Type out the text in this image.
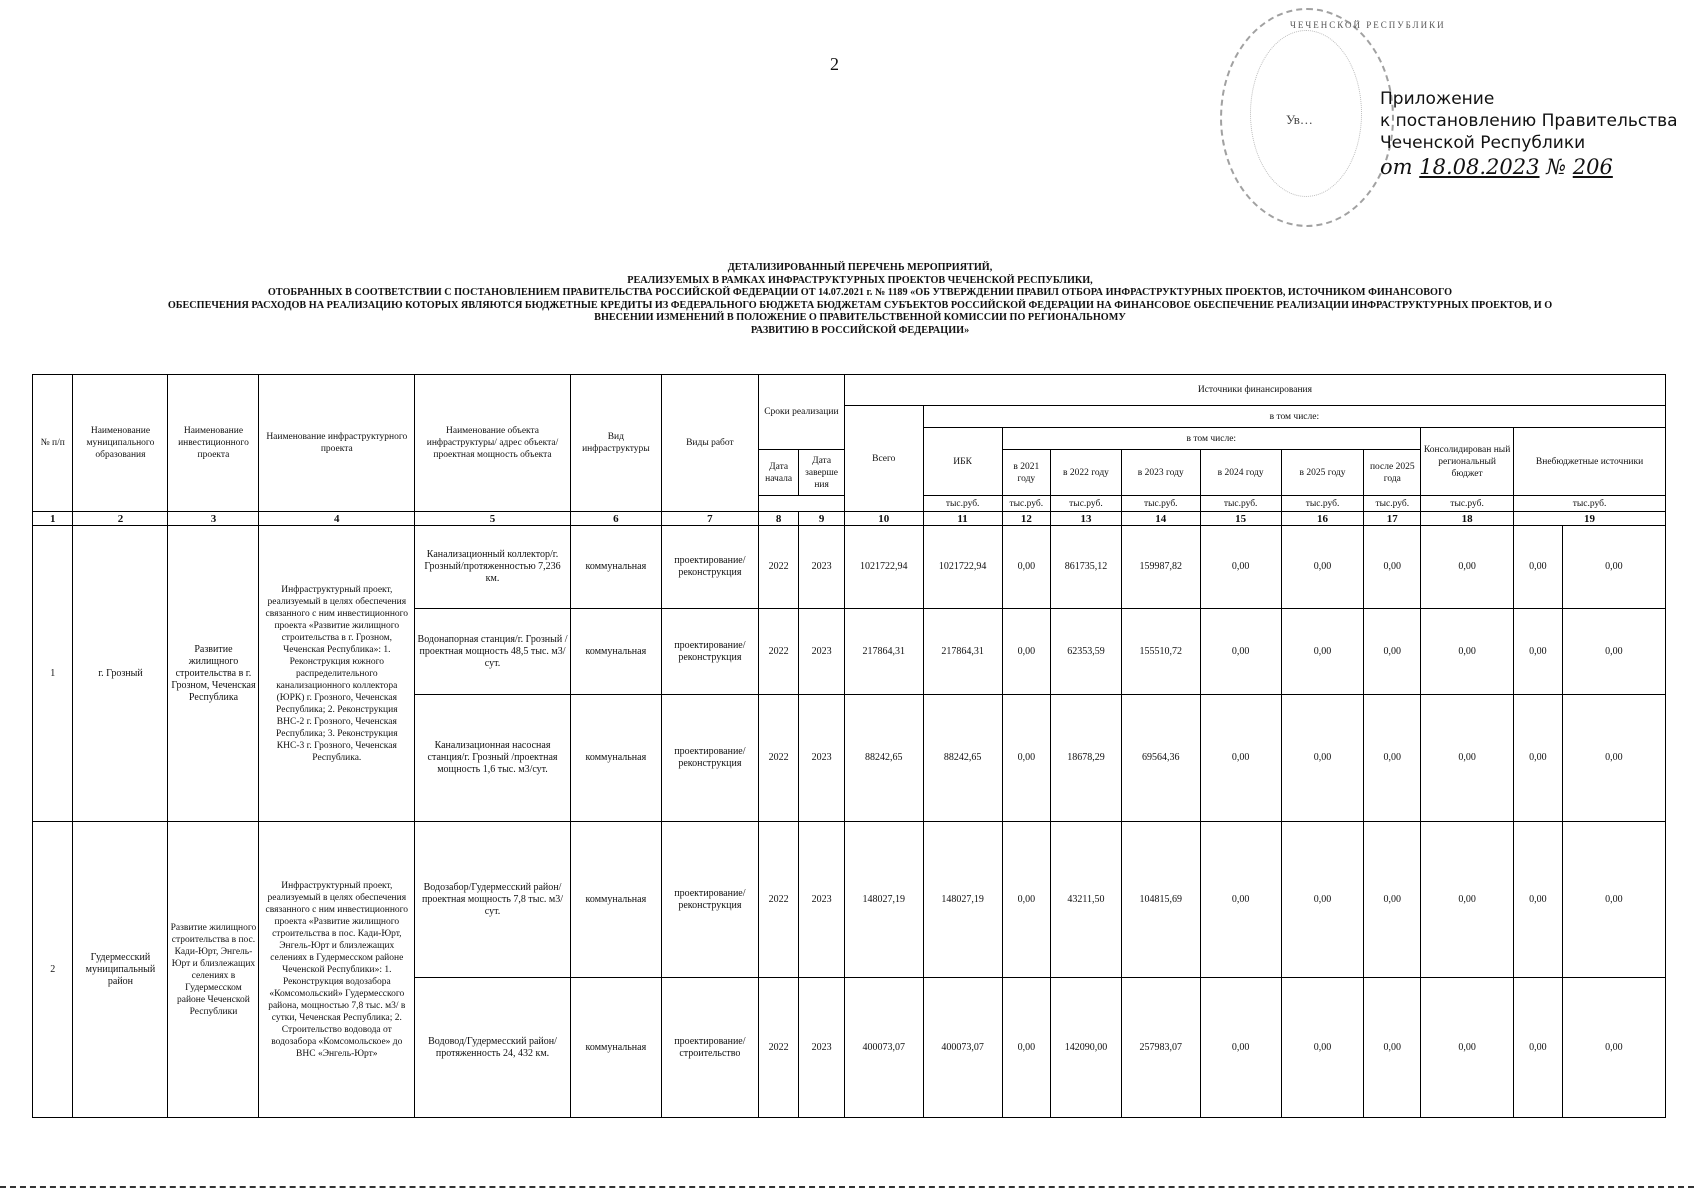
2
ЧЕЧЕНСКОЙ РЕСПУБЛИКИ
Ув…
Приложение
к постановлению Правительства
Чеченской Республики
от 18.08.2023 № 206
ДЕТАЛИЗИРОВАННЫЙ ПЕРЕЧЕНЬ МЕРОПРИЯТИЙ,
РЕАЛИЗУЕМЫХ В РАМКАХ ИНФРАСТРУКТУРНЫХ ПРОЕКТОВ ЧЕЧЕНСКОЙ РЕСПУБЛИКИ,
ОТОБРАННЫХ В СООТВЕТСТВИИ С ПОСТАНОВЛЕНИЕМ ПРАВИТЕЛЬСТВА РОССИЙСКОЙ ФЕДЕРАЦИИ ОТ 14.07.2021 г. № 1189 «ОБ УТВЕРЖДЕНИИ ПРАВИЛ ОТБОРА ИНФРАСТРУКТУРНЫХ ПРОЕКТОВ, ИСТОЧНИКОМ ФИНАНСОВОГО
ОБЕСПЕЧЕНИЯ РАСХОДОВ НА РЕАЛИЗАЦИЮ КОТОРЫХ ЯВЛЯЮТСЯ БЮДЖЕТНЫЕ КРЕДИТЫ ИЗ ФЕДЕРАЛЬНОГО БЮДЖЕТА БЮДЖЕТАМ СУБЪЕКТОВ РОССИЙСКОЙ ФЕДЕРАЦИИ НА ФИНАНСОВОЕ ОБЕСПЕЧЕНИЕ РЕАЛИЗАЦИИ ИНФРАСТРУКТУРНЫХ ПРОЕКТОВ, И О
ВНЕСЕНИИ ИЗМЕНЕНИЙ В ПОЛОЖЕНИЕ О ПРАВИТЕЛЬСТВЕННОЙ КОМИССИИ ПО РЕГИОНАЛЬНОМУ
РАЗВИТИЮ В РОССИЙСКОЙ ФЕДЕРАЦИИ»
№ п/п	Наименование муниципального образования	Наименование инвестиционного проекта	Наименование инфраструктурного проекта	Наименование объекта инфраструктуры/ адрес объекта/ проектная мощность объекта	Вид инфраструктуры	Виды работ	Сроки реализации		Источники финансирования										
									Всего	в том числе:									
										ИБК	в том числе:						Консолидирован ный региональный бюджет	Внебюджетные источники	
							Дата начала	Дата заверше ния			в 2021 году	в 2022 году	в 2023 году	в 2024 году	в 2025 году	после 2025 года			
										тыс.руб.	тыс.руб.	тыс.руб.	тыс.руб.	тыс.руб.	тыс.руб.	тыс.руб.	тыс.руб.	тыс.руб.	
1	2	3	4	5	6	7	8	9	10	11	12	13	14	15	16	17	18	19	
1	г. Грозный	Развитие жилищного строительства в г. Грозном, Чеченская Республика	Инфраструктурный проект, реализуемый в целях обеспечения связанного с ним инвестиционного проекта «Развитие жилищного строительства в г. Грозном, Чеченская Республика»: 1. Реконструкция южного распределительного канализационного коллектора (ЮРК) г. Грозного, Чеченская Республика; 2. Реконструкция ВНС-2 г. Грозного, Чеченская Республика; 3. Реконструкция КНС-3 г. Грозного, Чеченская Республика.	Канализационный коллектор/г. Грозный/протяженностью 7,236 км.	коммунальная	проектирование/реконструкция	2022	2023	1021722,94	1021722,94	0,00	861735,12	159987,82	0,00	0,00	0,00	0,00	0,00	0,00
				Водонапорная станция/г. Грозный /проектная мощность 48,5 тыс. м3/сут.	коммунальная	проектирование/реконструкция	2022	2023	217864,31	217864,31	0,00	62353,59	155510,72	0,00	0,00	0,00	0,00	0,00	0,00
				Канализационная насосная станция/г. Грозный /проектная мощность 1,6 тыс. м3/сут.	коммунальная	проектирование/реконструкция	2022	2023	88242,65	88242,65	0,00	18678,29	69564,36	0,00	0,00	0,00	0,00	0,00	0,00
2	Гудермесский муниципальный район	Развитие жилищного строительства в пос. Кади-Юрт, Энгель-Юрт и близлежащих селениях в Гудермесском районе Чеченской Республики	Инфраструктурный проект, реализуемый в целях обеспечения связанного с ним инвестиционного проекта «Развитие жилищного строительства в пос. Кади-Юрт, Энгель-Юрт и близлежащих селениях в Гудермесском районе Чеченской Республики»: 1. Реконструкция водозабора «Комсомольский» Гудермесского района, мощностью 7,8 тыс. м3/ в сутки, Чеченская Республика; 2. Строительство водовода от водозабора «Комсомольское» до ВНС «Энгель-Юрт»	Водозабор/Гудермесский район/проектная мощность 7,8 тыс. м3/сут.	коммунальная	проектирование/реконструкция	2022	2023	148027,19	148027,19	0,00	43211,50	104815,69	0,00	0,00	0,00	0,00	0,00	0,00
				Водовод/Гудермесский район/ протяженность 24, 432 км.	коммунальная	проектирование/строительство	2022	2023	400073,07	400073,07	0,00	142090,00	257983,07	0,00	0,00	0,00	0,00	0,00	0,00
